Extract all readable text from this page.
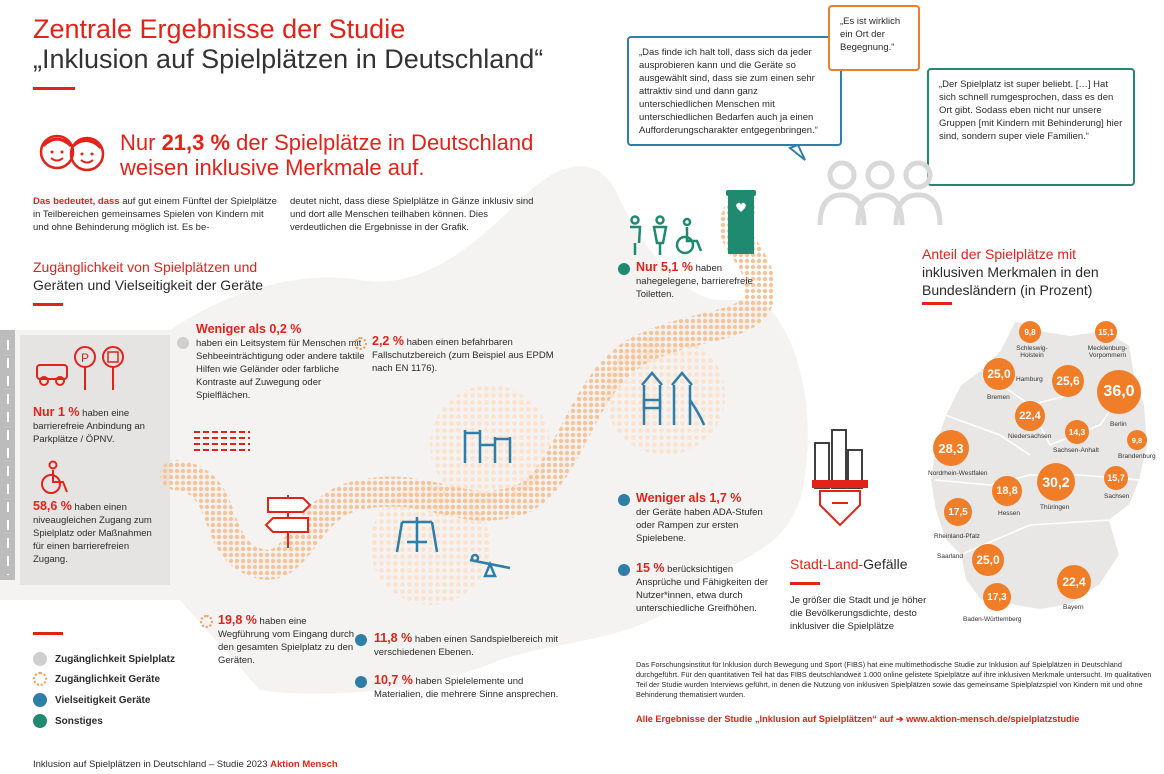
Zentrale Ergebnisse der Studie
„Inklusion auf Spielplätzen in Deutschland“
Nur 21,3 % der Spielplätze in Deutschland weisen inklusive Merkmale auf.
Das bedeutet, dass auf gut einem Fünftel der Spielplätze in Teilbereichen gemeinsames Spielen von Kindern mit und ohne Behinderung möglich ist. Es be-
deutet nicht, dass diese Spielplätze in Gänze inklusiv sind und dort alle Menschen teilhaben können. Dies verdeutlichen die Ergebnisse in der Grafik.
Zugänglichkeit von Spielplätzen und
Geräten und Vielseitigkeit der Geräte
P
Nur 1 % haben eine barrierefreie Anbindung an Parkplätze / ÖPNV.
58,6 % haben einen niveaugleichen Zugang zum Spielplatz oder Maßnahmen für einen barrierefreien Zugang.
Weniger als 0,2 %
haben ein Leitsystem für Menschen mit Sehbeeinträchtigung oder andere taktile Hilfen wie Geländer oder farbliche Kontraste auf Zuwegung oder Spielflächen.
2,2 % haben einen befahrbaren Fallschutzbereich (zum Beispiel aus EPDM nach EN 1176).
Nur 5,1 % haben nahegelegene, barrierefreie Toiletten.
Weniger als 1,7 %
der Geräte haben ADA-Stufen oder Rampen zur ersten Spielebene.
15 % berücksichtigen Ansprüche und Fähigkeiten der Nutzer*innen, etwa durch unterschiedliche Greifhöhen.
19,8 % haben eine Wegführung vom Eingang durch den gesamten Spielplatz zu den Geräten.
11,8 % haben einen Sandspielbereich mit verschiedenen Ebenen.
10,7 % haben Spielelemente und Materialien, die mehrere Sinne ansprechen.
Zugänglichkeit Spielplatz
Zugänglichkeit Geräte
Vielseitigkeit Geräte
Sonstiges
„Das finde ich halt toll, dass sich da jeder ausprobieren kann und die Geräte so ausgewählt sind, dass sie zum einen sehr attraktiv sind und dann ganz unterschiedlichen Menschen mit unterschiedlichen Bedarfen auch ja einen Aufforderungscharakter entgegenbringen.“
„Es ist wirklich ein Ort der Begegnung.“
„Der Spielplatz ist super beliebt. […] Hat sich schnell rumgesprochen, dass es den Ort gibt. Sodass eben nicht nur unsere Gruppen [mit Kindern mit Behinderung] hier sind, sondern super viele Familien.“
Anteil der Spielplätze mit
inklusiven Merkmalen in den Bundesländern (in Prozent)
9,8
Schleswig-Holstein
15,1
Mecklenburg-Vorpommern
25,0 Hamburg	25,6
Bremen	36,0
Berlin
22,4
Niedersachsen	9,8
Brandenburg
14,3
Sachsen-Anhalt
28,3
Nordrhein-Westfalen	15,7
Sachsen
18,8
Hessen
30,2
Thüringen
17,5
Rheinland-Pfalz
25,0
Saarland
22,4
Bayern
17,3
Baden-Württemberg
Stadt-Land-Gefälle
Je größer die Stadt und je höher die Bevölkerungsdichte, desto inklusiver die Spielplätze
Das Forschungsinstitut für Inklusion durch Bewegung und Sport (FIBS) hat eine multimethodische Studie zur Inklusion auf Spielplätzen in Deutschland durchgeführt. Für den quantitativen Teil hat das FIBS deutschlandweit 1.000 online gelistete Spielplätze auf ihre inklusiven Merkmale untersucht. Im qualitativen Teil der Studie wurden Interviews geführt, in denen die Nutzung von inklusiven Spielplätzen sowie das gemeinsame Spielplatzspiel von Kindern mit und ohne Behinderung thematisiert wurden.
Alle Ergebnisse der Studie „Inklusion auf Spielplätzen“ auf ➔ www.aktion-mensch.de/spielplatzstudie
Inklusion auf Spielplätzen in Deutschland – Studie 2023 Aktion Mensch
